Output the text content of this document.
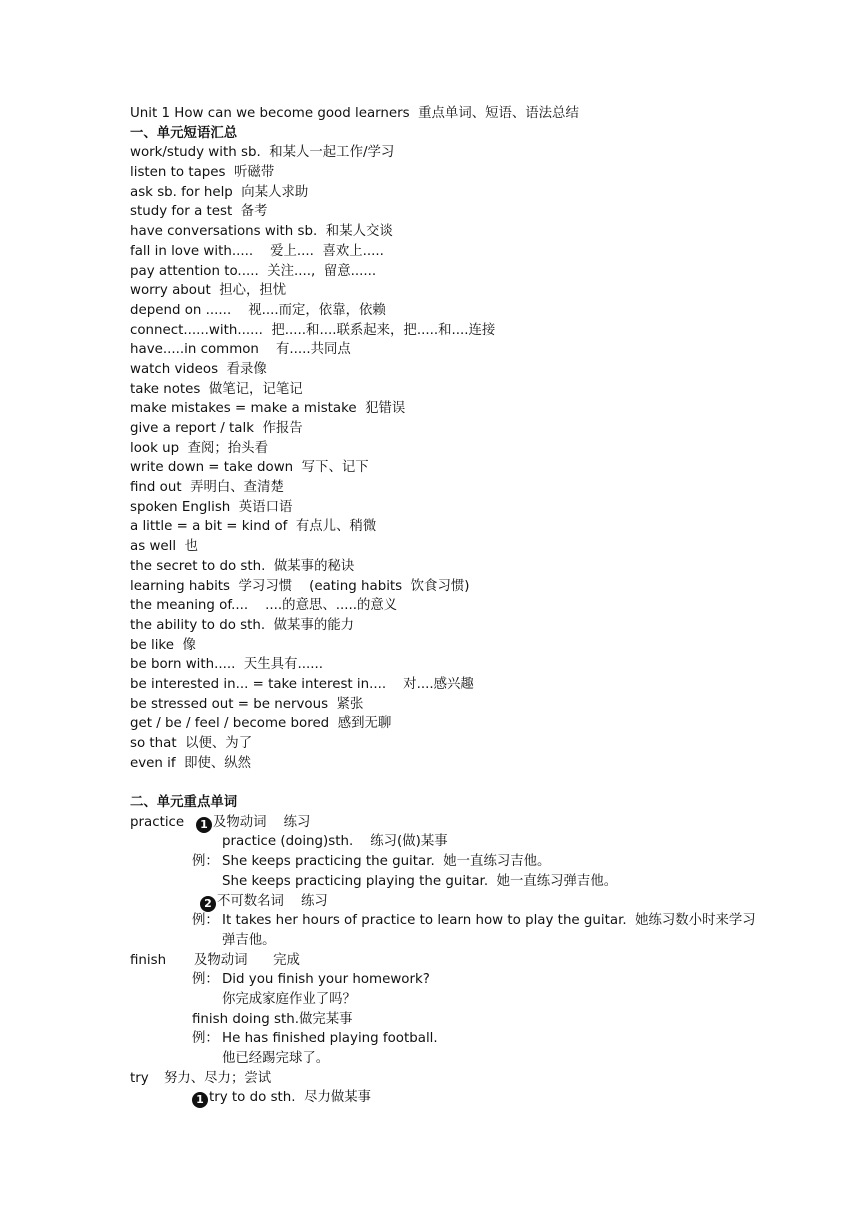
Unit 1 How can we become good learners  重点单词、短语、语法总结
一、单元短语汇总
work/study with sb.  和某人一起工作/学习
listen to tapes  听磁带
ask sb. for help  向某人求助
study for a test  备考
have conversations with sb.  和某人交谈
fall in love with.....    爱上....  喜欢上.....
pay attention to.....  关注....,  留意......
worry about  担心，担忧
depend on ......    视....而定，依靠，依赖
connect......with......  把.....和....联系起来，把.....和....连接
have.....in common    有.....共同点
watch videos  看录像
take notes  做笔记，记笔记
make mistakes = make a mistake  犯错误
give a report / talk  作报告
look up  查阅；抬头看
write down = take down  写下、记下
find out  弄明白、查清楚
spoken English  英语口语
a little = a bit = kind of  有点儿、稍微
as well  也
the secret to do sth.  做某事的秘诀
learning habits  学习习惯    (eating habits  饮食习惯)
the meaning of....    ....的意思、.....的意义
the ability to do sth.  做某事的能力
be like  像
be born with.....  天生具有......
be interested in... = take interest in....    对....感兴趣
be stressed out = be nervous  紧张
get / be / feel / become bored  感到无聊
so that  以便、为了
even if  即使、纵然
二、单元重点单词
practice 1 及物动词    练习
practice (doing)sth.    练习(做)某事
例： She keeps practicing the guitar.  她一直练习吉他。
She keeps practicing playing the guitar.  她一直练习弹吉他。
2 不可数名词    练习
例： It takes her hours of practice to learn how to play the guitar.  她练习数小时来学习
弹吉他。
finish 及物动词      完成
例： Did you finish your homework?
你完成家庭作业了吗？
finish doing sth.做完某事
例： He has finished playing football.
他已经踢完球了。
try 努力、尽力；尝试
1 try to do sth.  尽力做某事
